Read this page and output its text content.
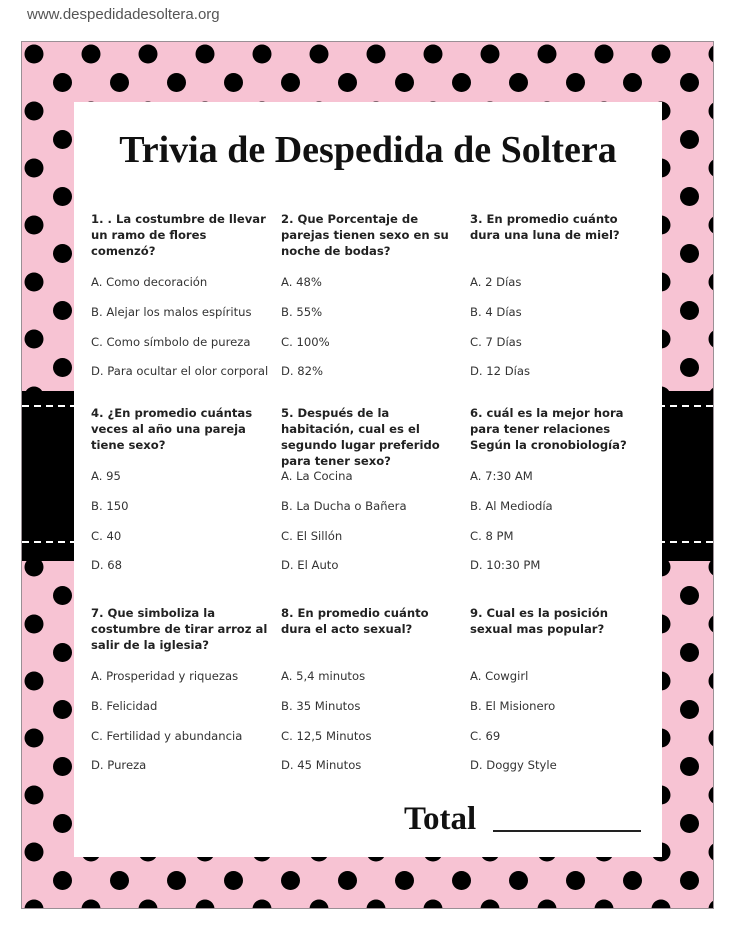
www.despedidadesoltera.org
Trivia de Despedida de Soltera
1. . La costumbre de llevar un ramo de flores comenzó?
A. Como decoración
B. Alejar los malos espíritus
C. Como símbolo de pureza
D. Para ocultar el olor corporal
2. Que Porcentaje de parejas tienen sexo en su noche de bodas?
A. 48%
B. 55%
C. 100%
D. 82%
3. En promedio cuánto dura una luna de miel?
A. 2 Días
B. 4 Días
C. 7 Días
D. 12 Días
4. ¿En promedio cuántas veces al año una pareja tiene sexo?
A. 95
B. 150
C. 40
D. 68
5. Después de la habitación, cual es el segundo lugar preferido para tener sexo?
A. La Cocina
B. La Ducha o Bañera
C. El Sillón
D. El Auto
6. cuál es la mejor hora para tener relaciones Según la cronobiología?
A. 7:30 AM
B. Al Mediodía
C. 8 PM
D. 10:30 PM
7. Que simboliza la costumbre de tirar arroz al salir de la iglesia?
A. Prosperidad y riquezas
B. Felicidad
C. Fertilidad y abundancia
D. Pureza
8. En promedio cuánto dura el acto sexual?
A. 5,4 minutos
B. 35 Minutos
C. 12,5 Minutos
D. 45 Minutos
9. Cual es la posición sexual mas popular?
A. Cowgirl
B. El Misionero
C. 69
D. Doggy Style
Total
